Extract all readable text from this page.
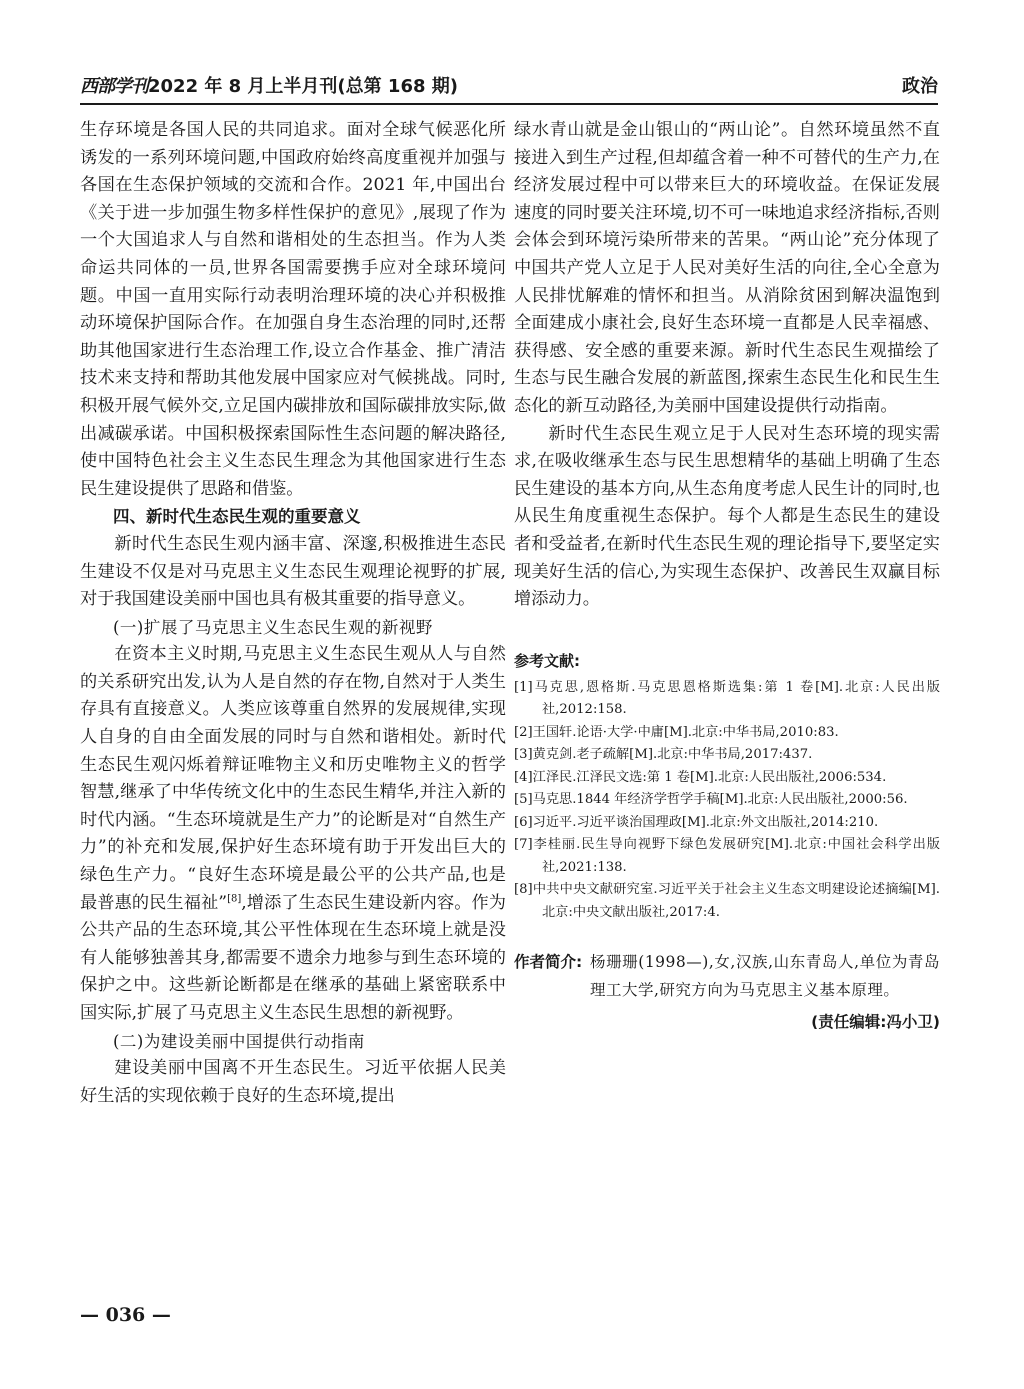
西部学刊2022 年 8 月上半月刊(总第 168 期)	政治

生存环境是各国人民的共同追求。面对全球气候恶化所诱发的一系列环境问题,中国政府始终高度重视并加强与各国在生态保护领域的交流和合作。2021 年,中国出台《关于进一步加强生物多样性保护的意见》,展现了作为一个大国追求人与自然和谐相处的生态担当。作为人类命运共同体的一员,世界各国需要携手应对全球环境问题。中国一直用实际行动表明治理环境的决心并积极推动环境保护国际合作。在加强自身生态治理的同时,还帮助其他国家进行生态治理工作,设立合作基金、推广清洁技术来支持和帮助其他发展中国家应对气候挑战。同时,积极开展气候外交,立足国内碳排放和国际碳排放实际,做出减碳承诺。中国积极探索国际性生态问题的解决路径,使中国特色社会主义生态民生理念为其他国家进行生态民生建设提供了思路和借鉴。

四、新时代生态民生观的重要意义

新时代生态民生观内涵丰富、深邃,积极推进生态民生建设不仅是对马克思主义生态民生观理论视野的扩展,对于我国建设美丽中国也具有极其重要的指导意义。

(一)扩展了马克思主义生态民生观的新视野

在资本主义时期,马克思主义生态民生观从人与自然的关系研究出发,认为人是自然的存在物,自然对于人类生存具有直接意义。人类应该尊重自然界的发展规律,实现人自身的自由全面发展的同时与自然和谐相处。新时代生态民生观闪烁着辩证唯物主义和历史唯物主义的哲学智慧,继承了中华传统文化中的生态民生精华,并注入新的时代内涵。“生态环境就是生产力”的论断是对“自然生产力”的补充和发展,保护好生态环境有助于开发出巨大的绿色生产力。“良好生态环境是最公平的公共产品,也是最普惠的民生福祉”[8],增添了生态民生建设新内容。作为公共产品的生态环境,其公平性体现在生态环境上就是没有人能够独善其身,都需要不遗余力地参与到生态环境的保护之中。这些新论断都是在继承的基础上紧密联系中国实际,扩展了马克思主义生态民生思想的新视野。

(二)为建设美丽中国提供行动指南

建设美丽中国离不开生态民生。习近平依据人民美好生活的实现依赖于良好的生态环境,提出

绿水青山就是金山银山的“两山论”。自然环境虽然不直接进入到生产过程,但却蕴含着一种不可替代的生产力,在经济发展过程中可以带来巨大的环境收益。在保证发展速度的同时要关注环境,切不可一味地追求经济指标,否则会体会到环境污染所带来的苦果。“两山论”充分体现了中国共产党人立足于人民对美好生活的向往,全心全意为人民排忧解难的情怀和担当。从消除贫困到解决温饱到全面建成小康社会,良好生态环境一直都是人民幸福感、获得感、安全感的重要来源。新时代生态民生观描绘了生态与民生融合发展的新蓝图,探索生态民生化和民生生态化的新互动路径,为美丽中国建设提供行动指南。

新时代生态民生观立足于人民对生态环境的现实需求,在吸收继承生态与民生思想精华的基础上明确了生态民生建设的基本方向,从生态角度考虑人民生计的同时,也从民生角度重视生态保护。每个人都是生态民生的建设者和受益者,在新时代生态民生观的理论指导下,要坚定实现美好生活的信心,为实现生态保护、改善民生双赢目标增添动力。

参考文献:
[1]马克思,恩格斯.马克思恩格斯选集:第 1 卷[M].北京:人民出版社,2012:158.
[2]王国轩.论语·大学·中庸[M].北京:中华书局,2010:83.
[3]黄克剑.老子疏解[M].北京:中华书局,2017:437.
[4]江泽民.江泽民文选:第 1 卷[M].北京:人民出版社,2006:534.
[5]马克思.1844 年经济学哲学手稿[M].北京:人民出版社,2000:56.
[6]习近平.习近平谈治国理政[M].北京:外文出版社,2014:210.
[7]李桂丽.民生导向视野下绿色发展研究[M].北京:中国社会科学出版社,2021:138.
[8]中共中央文献研究室.习近平关于社会主义生态文明建设论述摘编[M].北京:中央文献出版社,2017:4.
作者简介: 杨珊珊(1998—),女,汉族,山东青岛人,单位为青岛理工大学,研究方向为马克思主义基本原理。
(责任编辑:冯小卫)
— 036 —
